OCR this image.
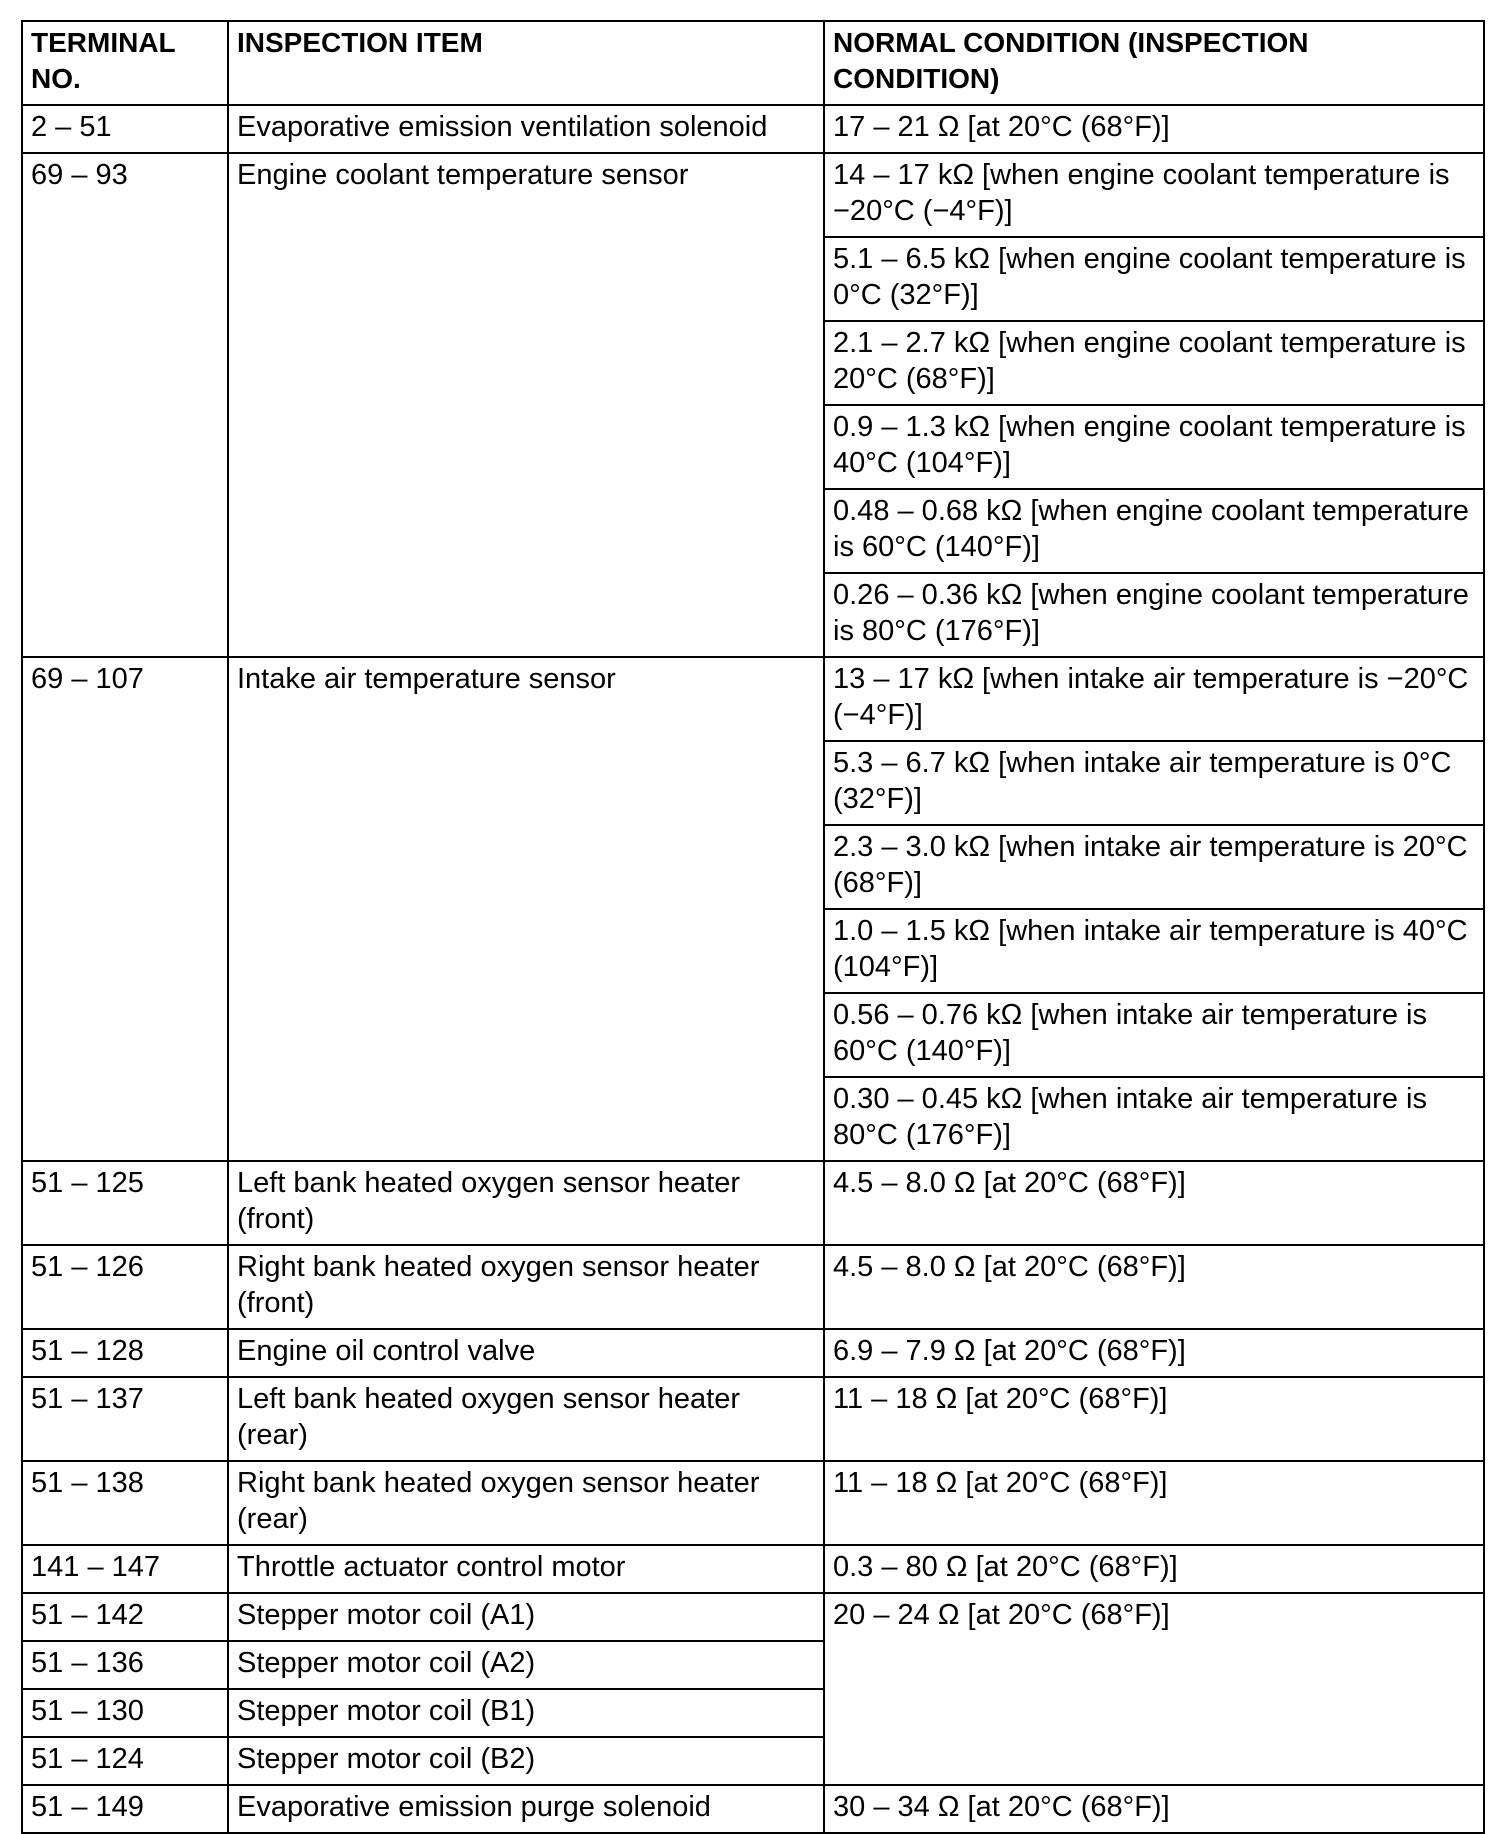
TERMINAL NO.	INSPECTION ITEM	NORMAL CONDITION (INSPECTION CONDITION)
2 – 51	Evaporative emission ventilation solenoid	17 – 21 Ω [at 20°C (68°F)]
69 – 93	Engine coolant temperature sensor	14 – 17 kΩ [when engine coolant temperature is −20°C (−4°F)]
		5.1 – 6.5 kΩ [when engine coolant temperature is 0°C (32°F)]
		2.1 – 2.7 kΩ [when engine coolant temperature is 20°C (68°F)]
		0.9 – 1.3 kΩ [when engine coolant temperature is 40°C (104°F)]
		0.48 – 0.68 kΩ [when engine coolant temperature is 60°C (140°F)]
		0.26 – 0.36 kΩ [when engine coolant temperature is 80°C (176°F)]
69 – 107	Intake air temperature sensor	13 – 17 kΩ [when intake air temperature is −20°C (−4°F)]
		5.3 – 6.7 kΩ [when intake air temperature is 0°C (32°F)]
		2.3 – 3.0 kΩ [when intake air temperature is 20°C (68°F)]
		1.0 – 1.5 kΩ [when intake air temperature is 40°C (104°F)]
		0.56 – 0.76 kΩ [when intake air temperature is 60°C (140°F)]
		0.30 – 0.45 kΩ [when intake air temperature is 80°C (176°F)]
51 – 125	Left bank heated oxygen sensor heater (front)	4.5 – 8.0 Ω [at 20°C (68°F)]
51 – 126	Right bank heated oxygen sensor heater (front)	4.5 – 8.0 Ω [at 20°C (68°F)]
51 – 128	Engine oil control valve	6.9 – 7.9 Ω [at 20°C (68°F)]
51 – 137	Left bank heated oxygen sensor heater (rear)	11 – 18 Ω [at 20°C (68°F)]
51 – 138	Right bank heated oxygen sensor heater (rear)	11 – 18 Ω [at 20°C (68°F)]
141 – 147	Throttle actuator control motor	0.3 – 80 Ω [at 20°C (68°F)]
51 – 142	Stepper motor coil (A1)	20 – 24 Ω [at 20°C (68°F)]
51 – 136	Stepper motor coil (A2)	
51 – 130	Stepper motor coil (B1)	
51 – 124	Stepper motor coil (B2)	
51 – 149	Evaporative emission purge solenoid	30 – 34 Ω [at 20°C (68°F)]
